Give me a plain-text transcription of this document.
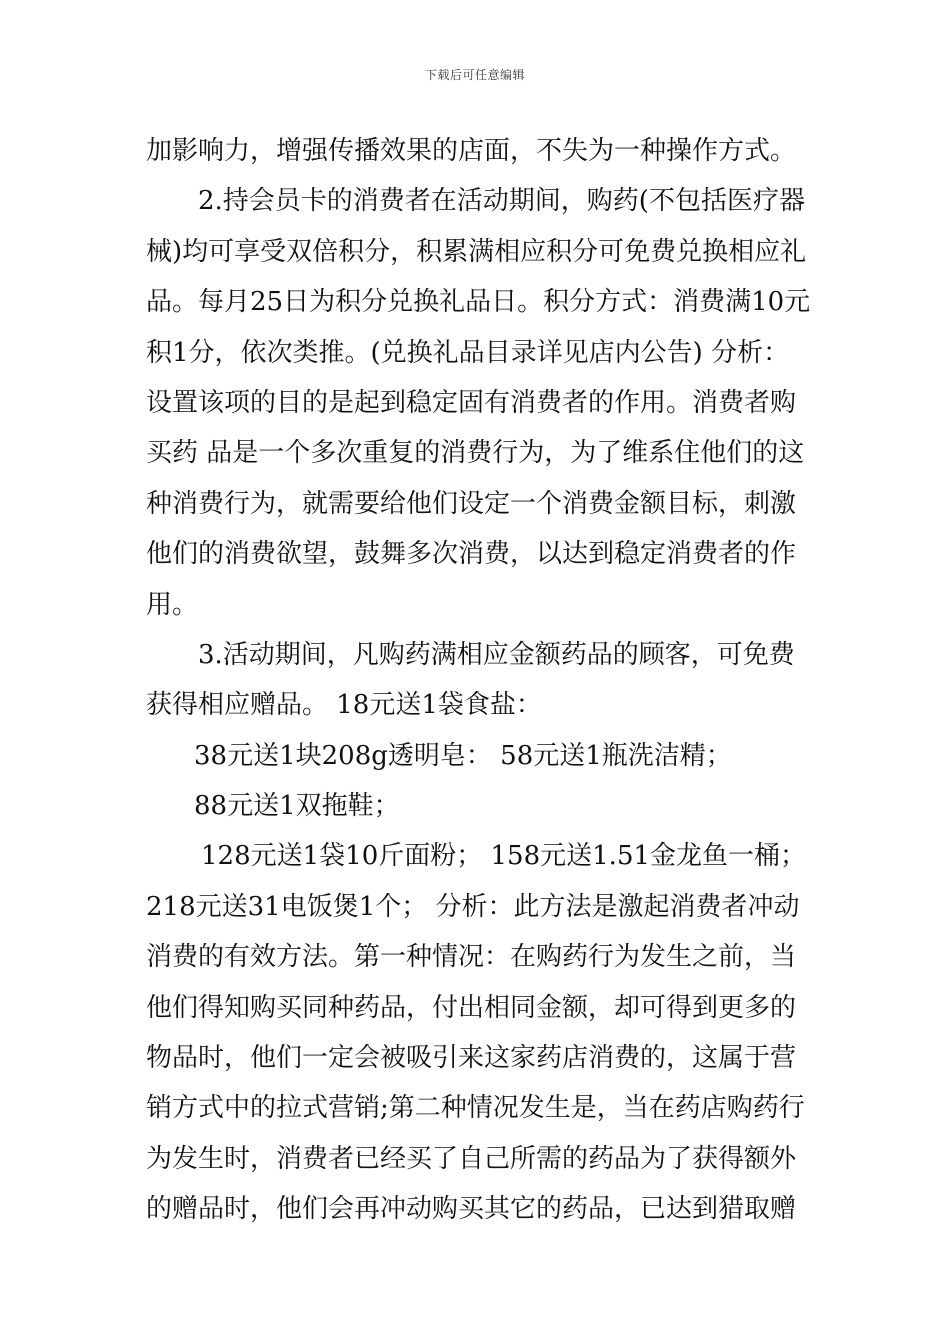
下载后可任意编辑
加影响力，增强传播效果的店面，不失为一种操作方式。
2.持会员卡的消费者在活动期间，购药(不包括医疗器
械)均可享受双倍积分，积累满相应积分可免费兑换相应礼
品。每月25日为积分兑换礼品日。积分方式：消费满10元
积1分，依次类推。(兑换礼品目录详见店内公告) 分析：
设置该项的目的是起到稳定固有消费者的作用。消费者购
买药 品是一个多次重复的消费行为，为了维系住他们的这
种消费行为，就需要给他们设定一个消费金额目标，刺激
他们的消费欲望，鼓舞多次消费，以达到稳定消费者的作
用。
3.活动期间，凡购药满相应金额药品的顾客，可免费
获得相应赠品。 18元送1袋食盐：
38元送1块208g透明皂： 58元送1瓶洗洁精；
88元送1双拖鞋；
128元送1袋10斤面粉； 158元送1.51金龙鱼一桶；
218元送31电饭煲1个； 分析：此方法是激起消费者冲动
消费的有效方法。第一种情况：在购药行为发生之前，当
他们得知购买同种药品，付出相同金额，却可得到更多的
物品时，他们一定会被吸引来这家药店消费的，这属于营
销方式中的拉式营销;第二种情况发生是，当在药店购药行
为发生时，消费者已经买了自己所需的药品为了获得额外
的赠品时，他们会再冲动购买其它的药品，已达到猎取赠
